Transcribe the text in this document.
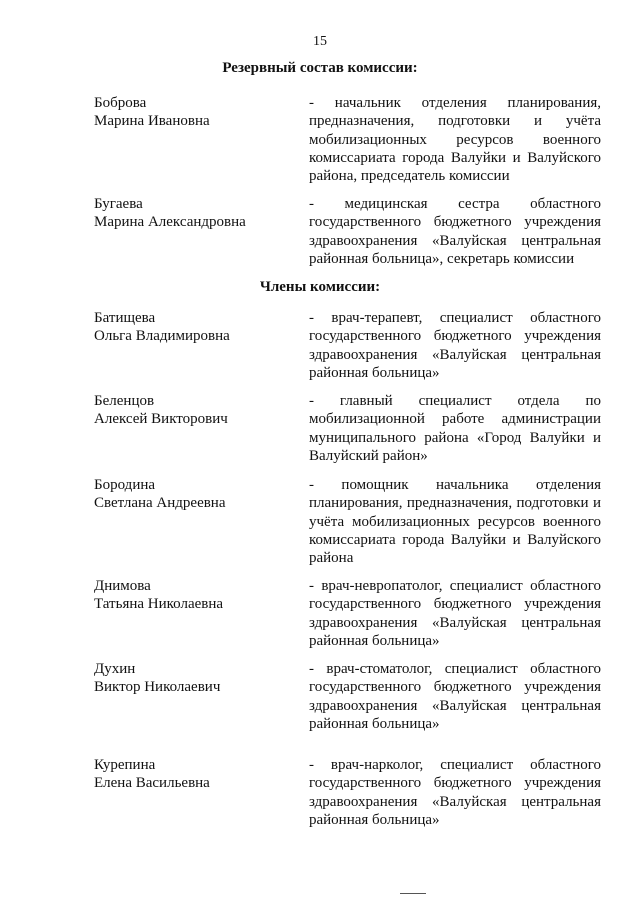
15
Резервный состав комиссии:
Боброва
Марина Ивановна
- начальник отделения планирования, предназначения, подготовки и учёта мобилизационных ресурсов военного комиссариата города Валуйки и Валуйского района, председатель комиссии
Бугаева
Марина Александровна
- медицинская сестра областного государственного бюджетного учреждения здравоохранения «Валуйская центральная районная больница», секретарь комиссии
Члены комиссии:
Батищева
Ольга Владимировна
- врач-терапевт, специалист областного государственного бюджетного учреждения здравоохранения «Валуйская центральная районная больница»
Беленцов
Алексей Викторович
- главный специалист отдела по мобилизационной работе администрации муниципального района «Город Валуйки и Валуйский район»
Бородина
Светлана Андреевна
- помощник начальника отделения планирования, предназначения, подготовки и учёта мобилизационных ресурсов военного комиссариата города Валуйки и Валуйского района
Днимова
Татьяна Николаевна
- врач-невропатолог, специалист областного государственного бюджетного учреждения здравоохранения «Валуйская центральная районная больница»
Духин
Виктор Николаевич
- врач-стоматолог, специалист областного государственного бюджетного учреждения здравоохранения «Валуйская центральная районная больница»
Курепина
Елена Васильевна
- врач-нарколог, специалист областного государственного бюджетного учреждения здравоохранения «Валуйская центральная районная больница»
